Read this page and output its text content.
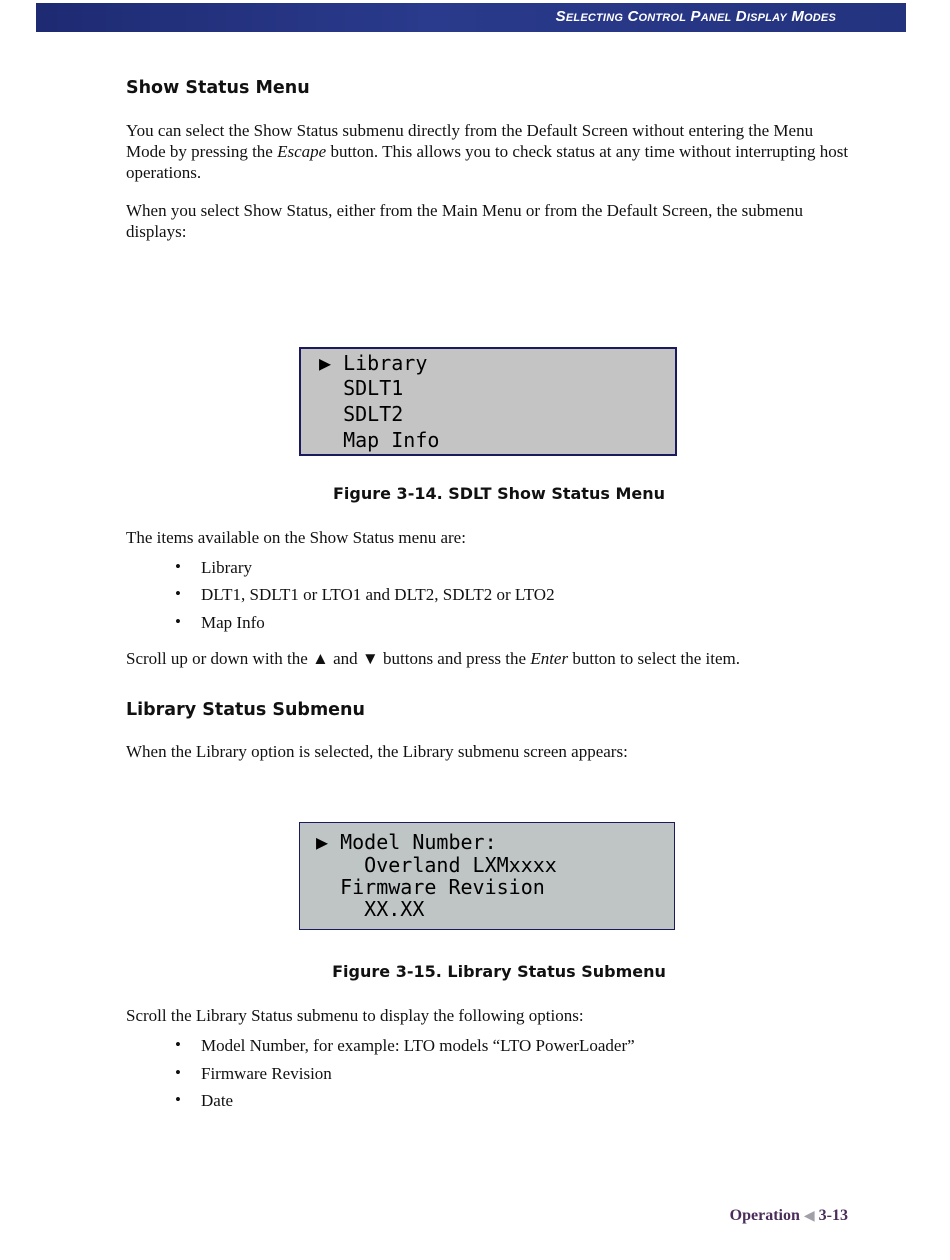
Selecting Control Panel Display Modes
Show Status Menu

You can select the Show Status submenu directly from the Default Screen without entering the Menu Mode by pressing the Escape button. This allows you to check status at any time without interrupting host operations.

When you select Show Status, either from the Main Menu or from the Default Screen, the submenu displays:

▶ Library
SDLT1
SDLT2
Map Info

Figure 3-14. SDLT Show Status Menu

The items available on the Show Status menu are:

• Library
• DLT1, SDLT1 or LTO1 and DLT2, SDLT2 or LTO2
• Map Info

Scroll up or down with the ▲ and ▼ buttons and press the Enter button to select the item.

Library Status Submenu

When the Library option is selected, the Library submenu screen appears:

▶ Model Number:
Overland LXMxxxx
Firmware Revision
XX.XX

Figure 3-15. Library Status Submenu

Scroll the Library Status submenu to display the following options:

• Model Number, for example: LTO models “LTO PowerLoader”
• Firmware Revision
• Date
Operation ◀ 3-13
